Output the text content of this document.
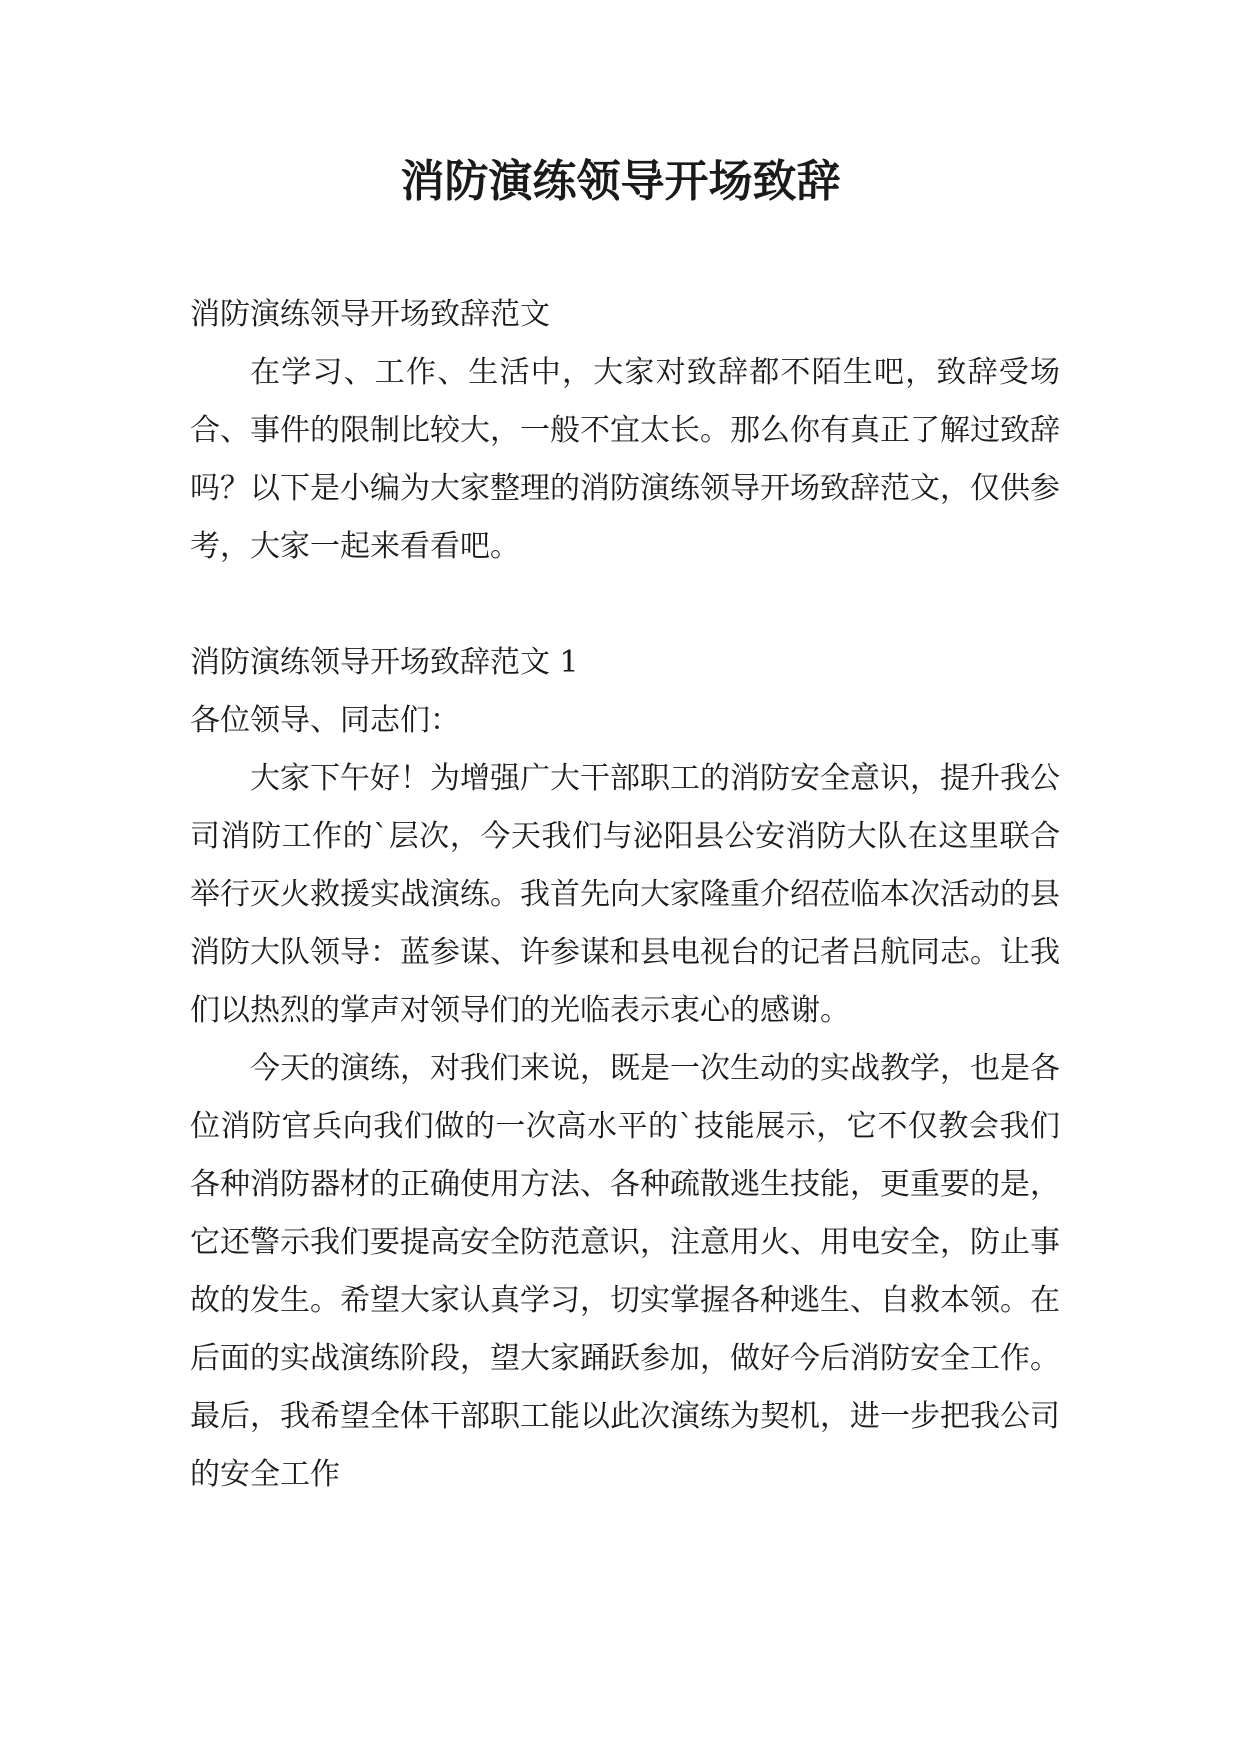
消防演练领导开场致辞

消防演练领导开场致辞范文

在学习、工作、生活中，大家对致辞都不陌生吧，致辞受场合、事件的限制比较大，一般不宜太长。那么你有真正了解过致辞吗？以下是小编为大家整理的消防演练领导开场致辞范文，仅供参考，大家一起来看看吧。

消防演练领导开场致辞范文 1

各位领导、同志们：

大家下午好！为增强广大干部职工的消防安全意识，提升我公司消防工作的`层次，今天我们与泌阳县公安消防大队在这里联合举行灭火救援实战演练。我首先向大家隆重介绍莅临本次活动的县消防大队领导：蓝参谋、许参谋和县电视台的记者吕航同志。让我们以热烈的掌声对领导们的光临表示衷心的感谢。

今天的演练，对我们来说，既是一次生动的实战教学，也是各位消防官兵向我们做的一次高水平的`技能展示，它不仅教会我们各种消防器材的正确使用方法、各种疏散逃生技能，更重要的是，它还警示我们要提高安全防范意识，注意用火、用电安全，防止事故的发生。希望大家认真学习，切实掌握各种逃生、自救本领。在后面的实战演练阶段，望大家踊跃参加，做好今后消防安全工作。最后，我希望全体干部职工能以此次演练为契机，进一步把我公司的安全工作
